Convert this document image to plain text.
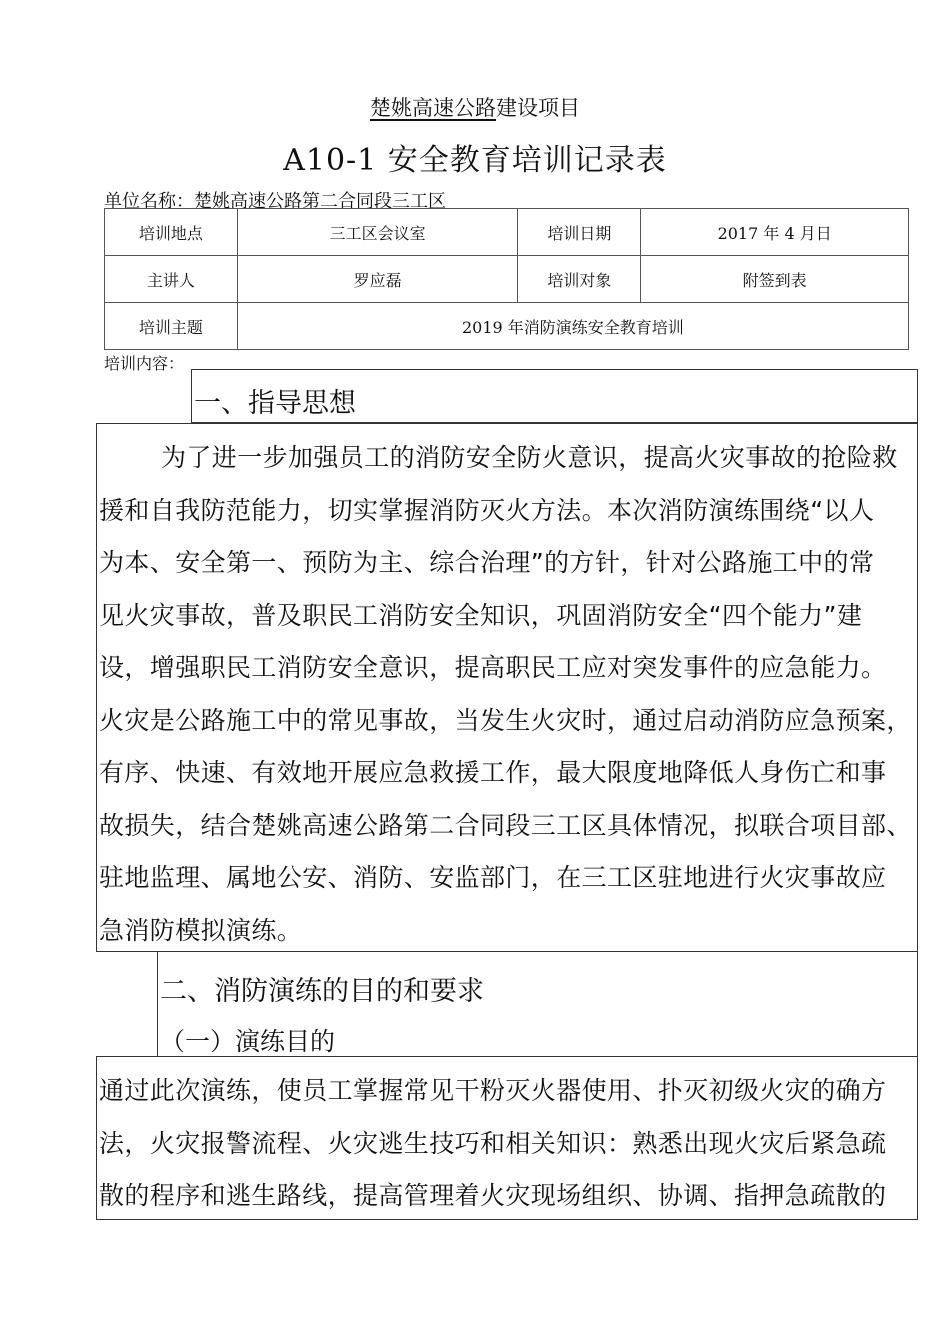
楚姚高速公路建设项目
A10-1 安全教育培训记录表
单位名称：楚姚高速公路第二合同段三工区
培训地点	三工区会议室	培训日期	2017 年 4 月日
主讲人	罗应磊	培训对象	附签到表
培训主题	2019 年消防演练安全教育培训		
培训内容：
一、指导思想
为了进一步加强员工的消防安全防火意识，提高火灾事故的抢险救
援和自我防范能力，切实掌握消防灭火方法。本次消防演练围绕“以人
为本、安全第一、预防为主、综合治理”的方针，针对公路施工中的常
见火灾事故，普及职民工消防安全知识，巩固消防安全“四个能力”建
设，增强职民工消防安全意识，提高职民工应对突发事件的应急能力。
火灾是公路施工中的常见事故，当发生火灾时，通过启动消防应急预案，
有序、快速、有效地开展应急救援工作，最大限度地降低人身伤亡和事
故损失，结合楚姚高速公路第二合同段三工区具体情况，拟联合项目部、
驻地监理、属地公安、消防、安监部门，在三工区驻地进行火灾事故应
急消防模拟演练。
二、消防演练的目的和要求
（一）演练目的
通过此次演练，使员工掌握常见干粉灭火器使用、扑灭初级火灾的确方
法，火灾报警流程、火灾逃生技巧和相关知识：熟悉出现火灾后紧急疏
散的程序和逃生路线，提高管理着火灾现场组织、协调、指押急疏散的
